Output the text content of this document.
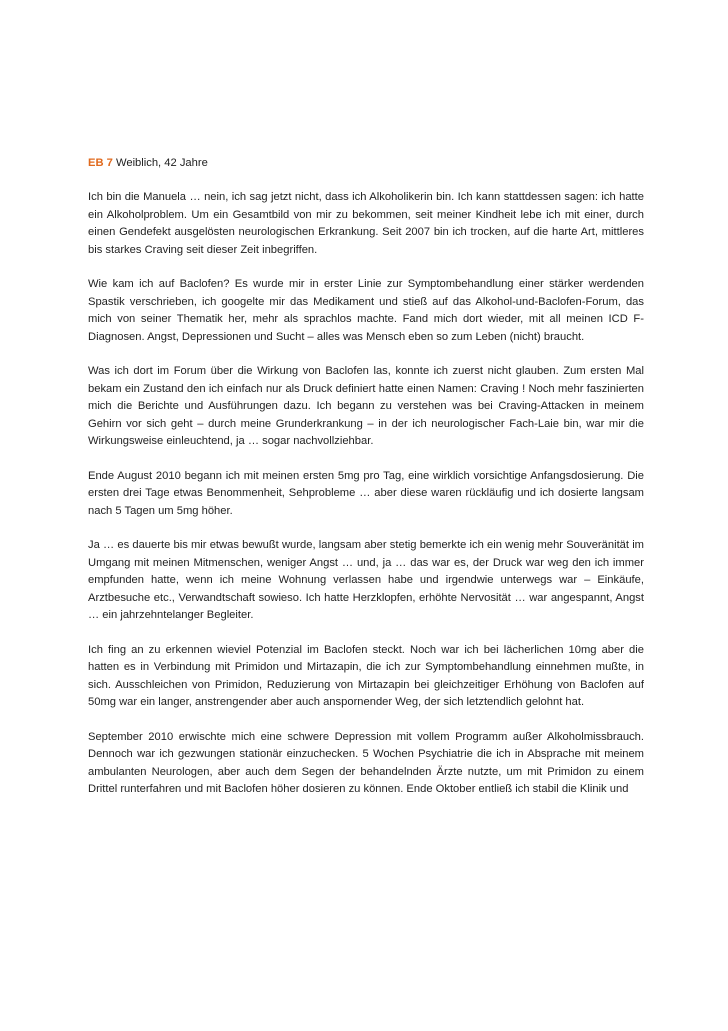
EB 7 Weiblich, 42 Jahre

Ich bin die Manuela … nein, ich sag jetzt nicht, dass ich Alkoholikerin bin. Ich kann stattdessen sagen: ich hatte ein Alkoholproblem. Um ein Gesamtbild von mir zu bekommen, seit meiner Kindheit lebe ich mit einer, durch einen Gendefekt ausgelösten neurologischen Erkrankung. Seit 2007 bin ich trocken, auf die harte Art, mittleres bis starkes Craving seit dieser Zeit inbegriffen.

Wie kam ich auf Baclofen? Es wurde mir in erster Linie zur Symptombehandlung einer stärker werdenden Spastik verschrieben, ich googelte mir das Medikament und stieß auf das Alkohol-und-Baclofen-Forum, das mich von seiner Thematik her, mehr als sprachlos machte. Fand mich dort wieder, mit all meinen ICD F-Diagnosen. Angst, Depressionen und Sucht – alles was Mensch eben so zum Leben (nicht) braucht.

Was ich dort im Forum über die Wirkung von Baclofen las, konnte ich zuerst nicht glauben. Zum ersten Mal bekam ein Zustand den ich einfach nur als Druck definiert hatte einen Namen: Craving ! Noch mehr faszinierten mich die Berichte und Ausführungen dazu. Ich begann zu verstehen was bei Craving-Attacken in meinem Gehirn vor sich geht – durch meine Grunderkrankung – in der ich neurologischer Fach-Laie bin, war mir die Wirkungsweise einleuchtend, ja … sogar nachvollziehbar.

Ende August 2010 begann ich mit meinen ersten 5mg pro Tag, eine wirklich vorsichtige Anfangsdosierung. Die ersten drei Tage etwas Benommenheit, Sehprobleme … aber diese waren rückläufig und ich dosierte langsam nach 5 Tagen um 5mg höher.

Ja … es dauerte bis mir etwas bewußt wurde, langsam aber stetig bemerkte ich ein wenig mehr Souveränität im Umgang mit meinen Mitmenschen, weniger Angst … und, ja … das war es, der Druck war weg den ich immer empfunden hatte, wenn ich meine Wohnung verlassen habe und irgendwie unterwegs war – Einkäufe, Arztbesuche etc., Verwandtschaft sowieso. Ich hatte Herzklopfen, erhöhte Nervosität … war angespannt, Angst … ein jahrzehntelanger Begleiter.

Ich fing an zu erkennen wieviel Potenzial im Baclofen steckt. Noch war ich bei lächerlichen 10mg aber die hatten es in Verbindung mit Primidon und Mirtazapin, die ich zur Symptombehandlung einnehmen mußte, in sich. Ausschleichen von Primidon, Reduzierung von Mirtazapin bei gleichzeitiger Erhöhung von Baclofen auf 50mg war ein langer, anstrengender aber auch anspornender Weg, der sich letztendlich gelohnt hat.

September 2010 erwischte mich eine schwere Depression mit vollem Programm außer Alkoholmissbrauch. Dennoch war ich gezwungen stationär einzuchecken. 5 Wochen Psychiatrie die ich in Absprache mit meinem ambulanten Neurologen, aber auch dem Segen der behandelnden Ärzte nutzte, um mit Primidon zu einem Drittel runterfahren und mit Baclofen höher dosieren zu können. Ende Oktober entließ ich stabil die Klinik und
